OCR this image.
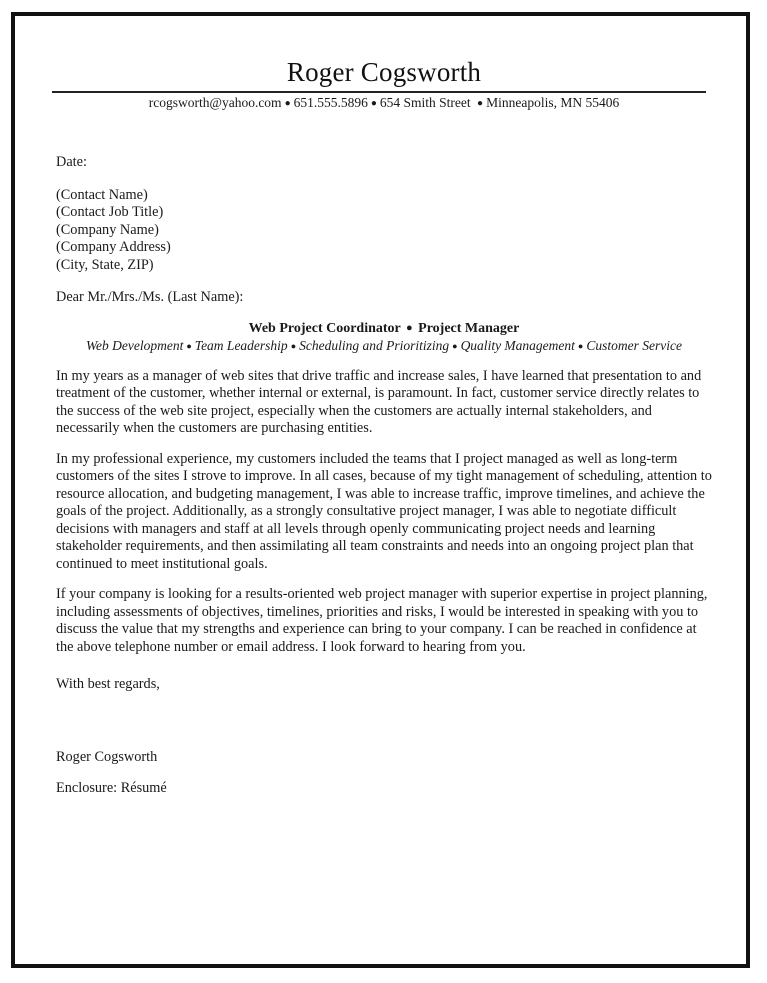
Roger Cogsworth
rcogsworth@yahoo.com ● 651.555.5896 ● 654 Smith Street ● Minneapolis, MN 55406
Date:
(Contact Name)
(Contact Job Title)
(Company Name)
(Company Address)
(City, State, ZIP)
Dear Mr./Mrs./Ms. (Last Name):
Web Project Coordinator ● Project Manager
Web Development ● Team Leadership ● Scheduling and Prioritizing ● Quality Management ● Customer Service
In my years as a manager of web sites that drive traffic and increase sales, I have learned that presentation to and treatment of the customer, whether internal or external, is paramount. In fact, customer service directly relates to the success of the web site project, especially when the customers are actually internal stakeholders, and necessarily when the customers are purchasing entities.
In my professional experience, my customers included the teams that I project managed as well as long-term customers of the sites I strove to improve. In all cases, because of my tight management of scheduling, attention to resource allocation, and budgeting management, I was able to increase traffic, improve timelines, and achieve the goals of the project. Additionally, as a strongly consultative project manager, I was able to negotiate difficult decisions with managers and staff at all levels through openly communicating project needs and learning stakeholder requirements, and then assimilating all team constraints and needs into an ongoing project plan that continued to meet institutional goals.
If your company is looking for a results-oriented web project manager with superior expertise in project planning, including assessments of objectives, timelines, priorities and risks, I would be interested in speaking with you to discuss the value that my strengths and experience can bring to your company. I can be reached in confidence at the above telephone number or email address. I look forward to hearing from you.
With best regards,
Roger Cogsworth
Enclosure: Résumé
